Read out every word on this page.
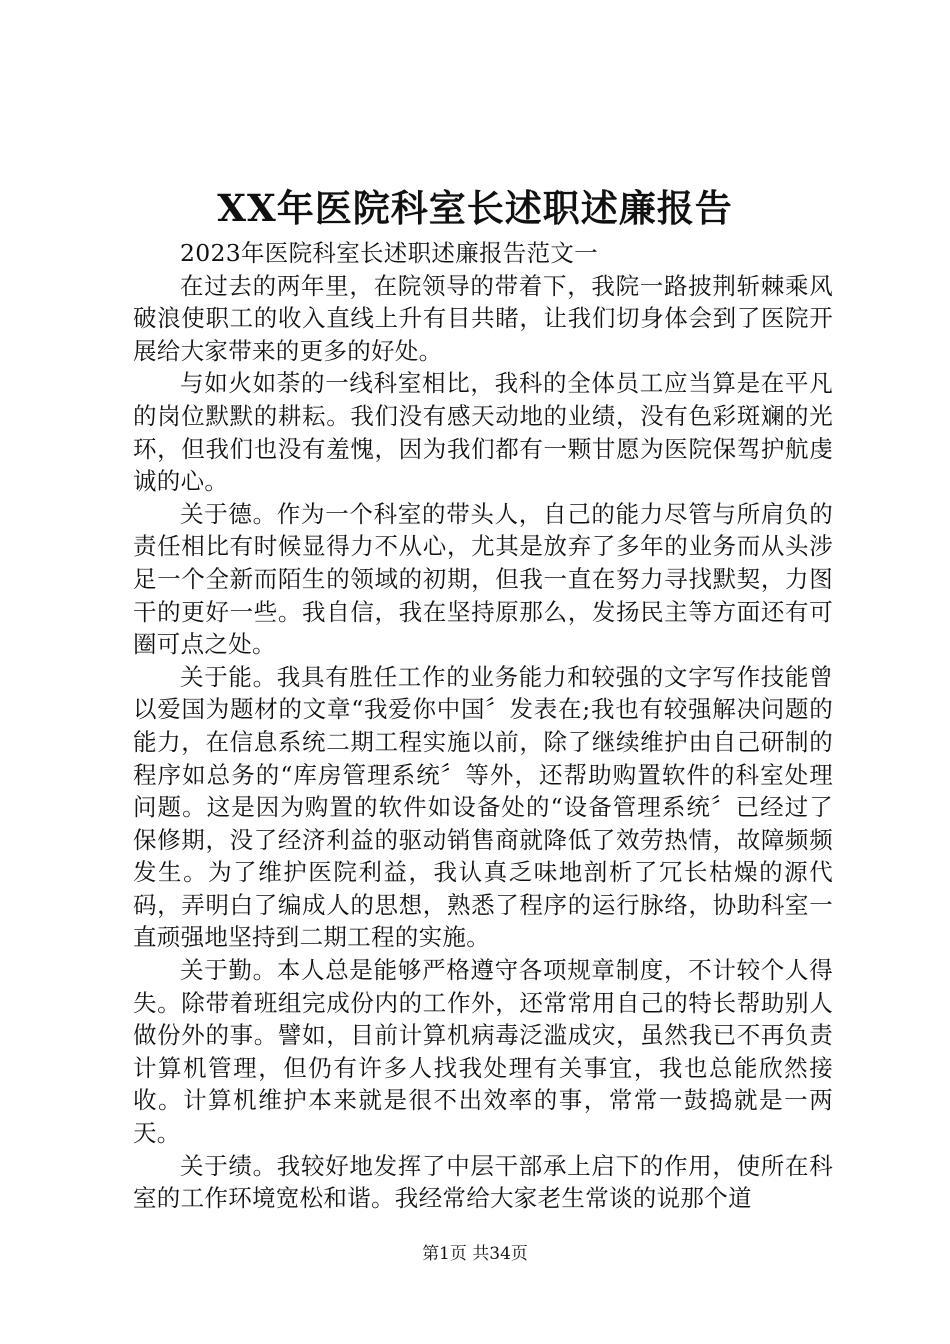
XX年医院科室长述职述廉报告

2023年医院科室长述职述廉报告范文一

在过去的两年里，在院领导的带着下，我院一路披荆斩棘乘风破浪使职工的收入直线上升有目共睹，让我们切身体会到了医院开展给大家带来的更多的好处。

与如火如荼的一线科室相比，我科的全体员工应当算是在平凡的岗位默默的耕耘。我们没有感天动地的业绩，没有色彩斑斓的光环，但我们也没有羞愧，因为我们都有一颗甘愿为医院保驾护航虔诚的心。

关于德。作为一个科室的带头人，自己的能力尽管与所肩负的责任相比有时候显得力不从心，尤其是放弃了多年的业务而从头涉足一个全新而陌生的领域的初期，但我一直在努力寻找默契，力图干的更好一些。我自信，我在坚持原那么，发扬民主等方面还有可圈可点之处。

关于能。我具有胜任工作的业务能力和较强的文字写作技能曾以爱国为题材的文章“我爱你中国〞发表在;我也有较强解决问题的能力，在信息系统二期工程实施以前，除了继续维护由自己研制的程序如总务的“库房管理系统〞等外，还帮助购置软件的科室处理问题。这是因为购置的软件如设备处的“设备管理系统〞已经过了保修期，没了经济利益的驱动销售商就降低了效劳热情，故障频频发生。为了维护医院利益，我认真乏味地剖析了冗长枯燥的源代码，弄明白了编成人的思想，熟悉了程序的运行脉络，协助科室一直顽强地坚持到二期工程的实施。

关于勤。本人总是能够严格遵守各项规章制度，不计较个人得失。除带着班组完成份内的工作外，还常常用自己的特长帮助别人做份外的事。譬如，目前计算机病毒泛滥成灾，虽然我已不再负责计算机管理，但仍有许多人找我处理有关事宜，我也总能欣然接收。计算机维护本来就是很不出效率的事，常常一鼓捣就是一两天。

关于绩。我较好地发挥了中层干部承上启下的作用，使所在科室的工作环境宽松和谐。我经常给大家老生常谈的说那个道

第1页 共34页
